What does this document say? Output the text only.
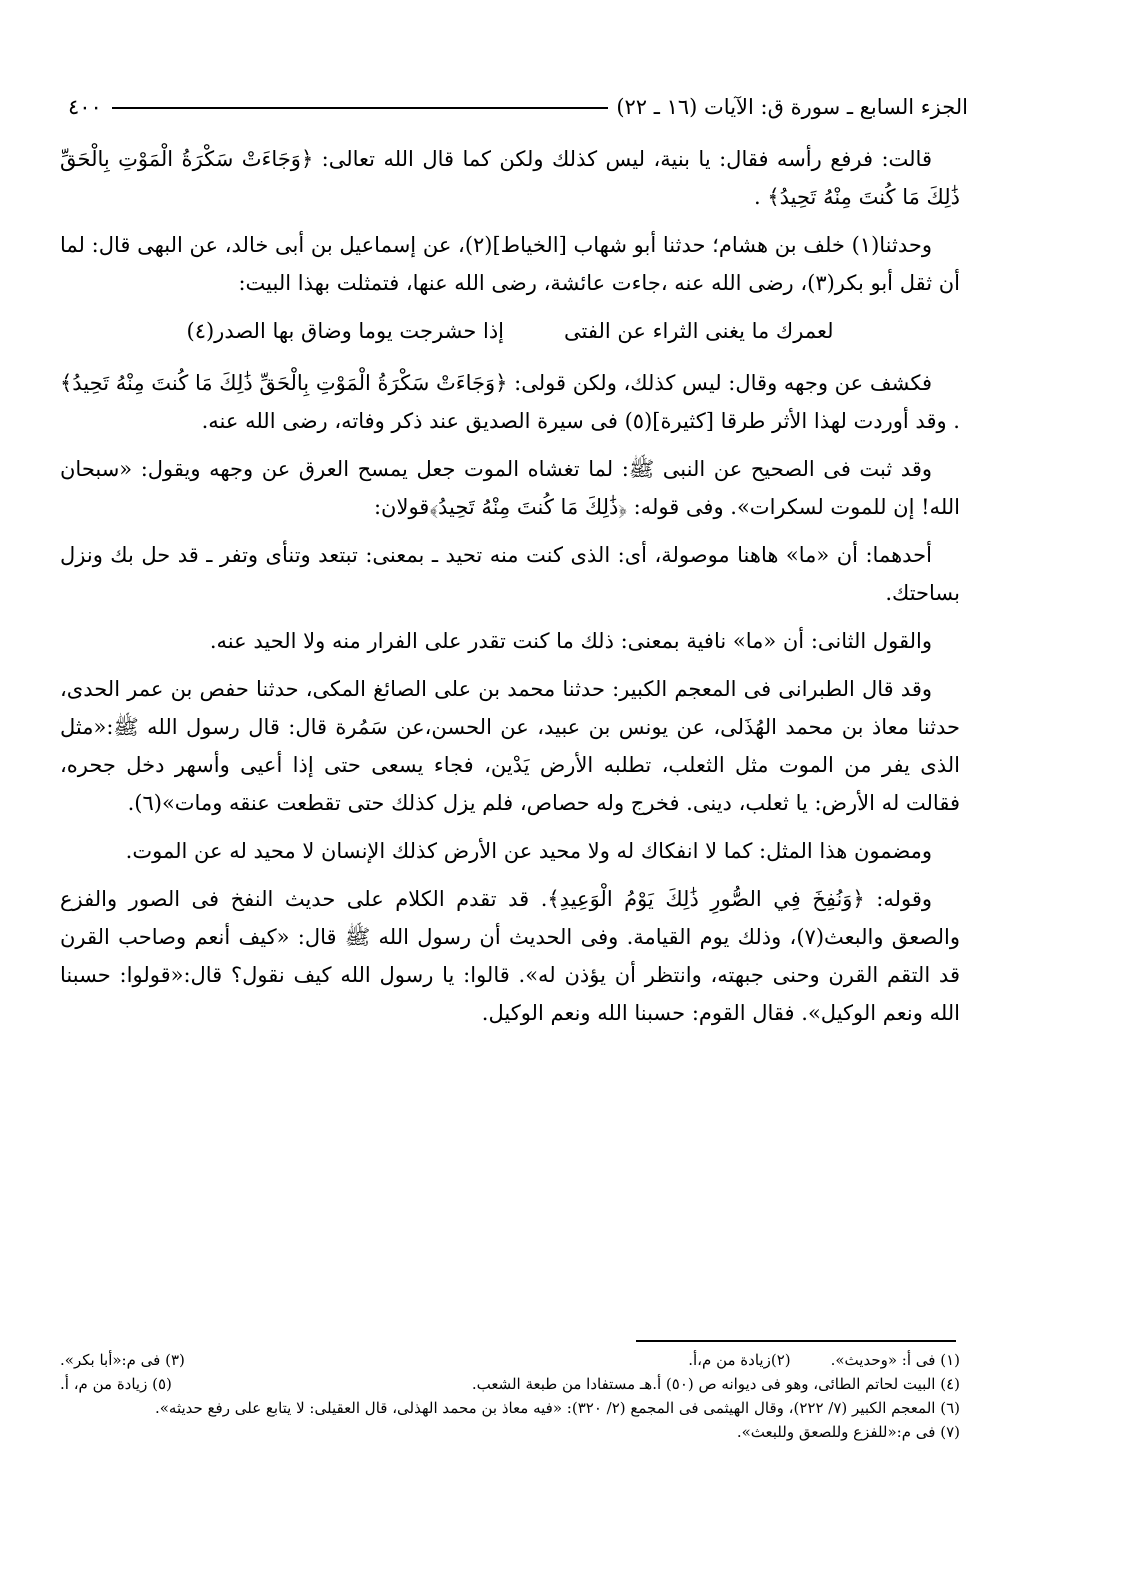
الجزء السابع ـ سورة ق: الآيات (١٦ ـ ٢٢)
٤٠٠

قالت: فرفع رأسه فقال: يا بنية، ليس كذلك ولكن كما قال الله تعالى: ﴿وَجَاءَتْ سَكْرَةُ الْمَوْتِ بِالْحَقِّ ذَٰلِكَ مَا كُنتَ مِنْهُ تَحِيدُ﴾ .

وحدثنا(١) خلف بن هشام؛ حدثنا أبو شهاب [الخياط](٢)، عن إسماعيل بن أبى خالد، عن البهى قال: لما أن ثقل أبو بكر(٣)، رضى الله عنه ،جاءت عائشة، رضى الله عنها، فتمثلت بهذا البيت:

لعمرك ما يغنى الثراء عن الفتى
إذا حشرجت يوما وضاق بها الصدر(٤)

فكشف عن وجهه وقال: ليس كذلك، ولكن قولى: ﴿وَجَاءَتْ سَكْرَةُ الْمَوْتِ بِالْحَقِّ ذَٰلِكَ مَا كُنتَ مِنْهُ تَحِيدُ﴾ . وقد أوردت لهذا الأثر طرقا [كثيرة](٥) فى سيرة الصديق عند ذكر وفاته، رضى الله عنه.

وقد ثبت فى الصحيح عن النبى ﷺ: لما تغشاه الموت جعل يمسح العرق عن وجهه ويقول: «سبحان الله! إن للموت لسكرات». وفى قوله: ﴿ذَٰلِكَ مَا كُنتَ مِنْهُ تَحِيدُ﴾قولان:

أحدهما: أن «ما» هاهنا موصولة، أى: الذى كنت منه تحيد ـ بمعنى: تبتعد وتنأى وتفر ـ قد حل بك ونزل بساحتك.

والقول الثانى: أن «ما» نافية بمعنى: ذلك ما كنت تقدر على الفرار منه ولا الحيد عنه.

وقد قال الطبرانى فى المعجم الكبير: حدثنا محمد بن على الصائغ المكى، حدثنا حفص بن عمر الحدى، حدثنا معاذ بن محمد الهُذَلى، عن يونس بن عبيد، عن الحسن،عن سَمُرة قال: قال رسول الله ﷺ:«مثل الذى يفر من الموت مثل الثعلب، تطلبه الأرض يَدْين، فجاء يسعى حتى إذا أعيى وأسهر دخل جحره، فقالت له الأرض: يا ثعلب، دينى. فخرج وله حصاص، فلم يزل كذلك حتى تقطعت عنقه ومات»(٦).

ومضمون هذا المثل: كما لا انفكاك له ولا محيد عن الأرض كذلك الإنسان لا محيد له عن الموت.

وقوله: ﴿وَنُفِخَ فِي الصُّورِ ذَٰلِكَ يَوْمُ الْوَعِيدِ﴾. قد تقدم الكلام على حديث النفخ فى الصور والفزع والصعق والبعث(٧)، وذلك يوم القيامة. وفى الحديث أن رسول الله ﷺ قال: «كيف أنعم وصاحب القرن قد التقم القرن وحنى جبهته، وانتظر أن يؤذن له». قالوا: يا رسول الله كيف نقول؟ قال:«قولوا: حسبنا الله ونعم الوكيل». فقال القوم: حسبنا الله ونعم الوكيل.

(١) فى أ: «وحديث».
(٢)زيادة من م،أ.
(٣) فى م:«أبا بكر».
(٤) البيت لحاتم الطائى، وهو فى ديوانه ص (٥٠) أ.هـ مستفادا من طبعة الشعب.
(٥) زيادة من م، أ.
(٦) المعجم الكبير (٧/ ٢٢٢)، وقال الهيثمى فى المجمع (٢/ ٣٢٠): «فيه معاذ بن محمد الهذلى، قال العقيلى: لا يتابع على رفع حديثه».
(٧) فى م:«للفزع وللصعق وللبعث».
